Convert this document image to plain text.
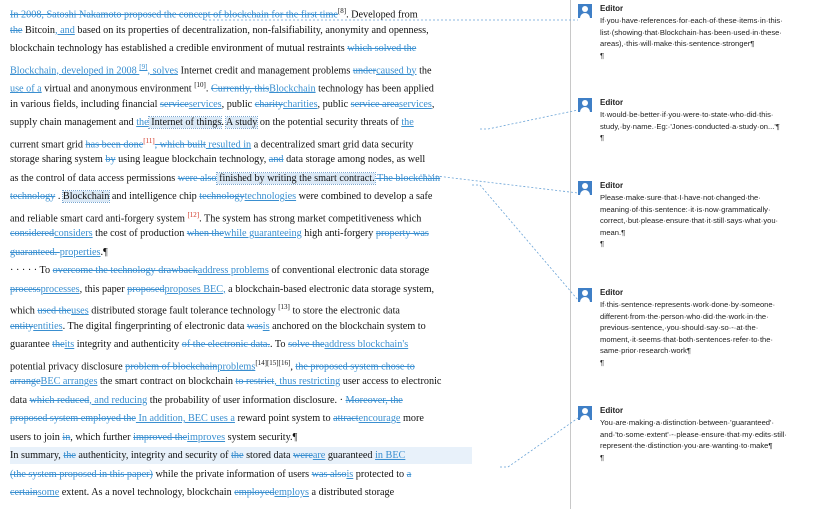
In 2008, Satoshi Nakamoto proposed the concept of blockchain for the first time[8]. Developed from
the Bitcoin, and based on its properties of decentralization, non-falsifiability, anonymity and openness,
blockchain technology has established a credible environment of mutual restraints which solved the
Blockchain, developed in 2008 [9], solves Internet credit and management problems undercaused by the
use of a virtual and anonymous environment [10]. Currently, thisBlockchain technology has been applied
in various fields, including financial serviceservices, public charitycharities, public service areaservices,
supply chain management and the Internet of things. A study on the potential security threats of the
current smart grid has been done[11], which built resulted in a decentralized smart grid data security
storage sharing system by using league blockchain technology, and data storage among nodes, as well
as the control of data access permissions were also finished by writing the smart contract. The blockchain
technology . Blockchain and intelligence chip technologytechnologies were combined to develop a safe
and reliable smart card anti-forgery system [12]. The system has strong market competitiveness which
consideredconsiders the cost of production when thewhile guaranteeing high anti-forgery property was
guaranteed. properties.¶
· · · · · To overcome the technology drawbackaddress problems of conventional electronic data storage
processprocesses, this paper proposedproposes BEC, a blockchain-based electronic data storage system,
which used theuses distributed storage fault tolerance technology [13] to store the electronic data
entityentities. The digital fingerprinting of electronic data wasis anchored on the blockchain system to
guarantee theits integrity and authenticity of the electronic data.. To solve theaddress blockchain's
potential privacy disclosure problem of blockchainproblems[14][15][16], the proposed system chose to
arrangeBEC arranges the smart contract on blockchain to restrict, thus restricting user access to electronic
data which reduced, and reducing the probability of user information disclosure. · Moreover, the
proposed system employed the In addition, BEC uses a reward point system to attractencourage more
users to join in, which further improved theimproves system security.¶
In summary, the authenticity, integrity and security of the stored data wereare guaranteed in BEC
(the system proposed in this paper) while the private information of users was alsois protected to a
certainsome extent. As a novel technology, blockchain employedemploys a distributed storage
Editor
If·you·have·references·for·each·of·these·items·in·this·
list·(showing·that·Blockchain·has·been·used·in·these·
areas),·this·will·make·this·sentence·stronger¶
¶
Editor
It·would·be·better·if·you·were·to·state·who·did·this·
study,·by·name.·Eg:·'Jones·conducted·a·study·on...'¶
¶
Editor
Please·make·sure·that·I·have·not·changed·the·
meaning·of·this·sentence:·it·is·now·grammatically·
correct,·but·please·ensure·that·it·still·says·what·you·
mean.¶
¶
Editor
If·this·sentence·represents·work·done·by·someone·
different·from·the·person·who·did·the·work·in·the·
previous·sentence,·you·should·say·so·-·at·the·
moment,·it·seems·that·both·sentences·refer·to·the·
same·prior·research·work¶
¶
Editor
You·are·making·a·distinction·between·'guaranteed'·
and·'to·some·extent'·-·please·ensure·that·my·edits·still·
represent·the·distinction·you·are·wanting·to·make¶
¶
